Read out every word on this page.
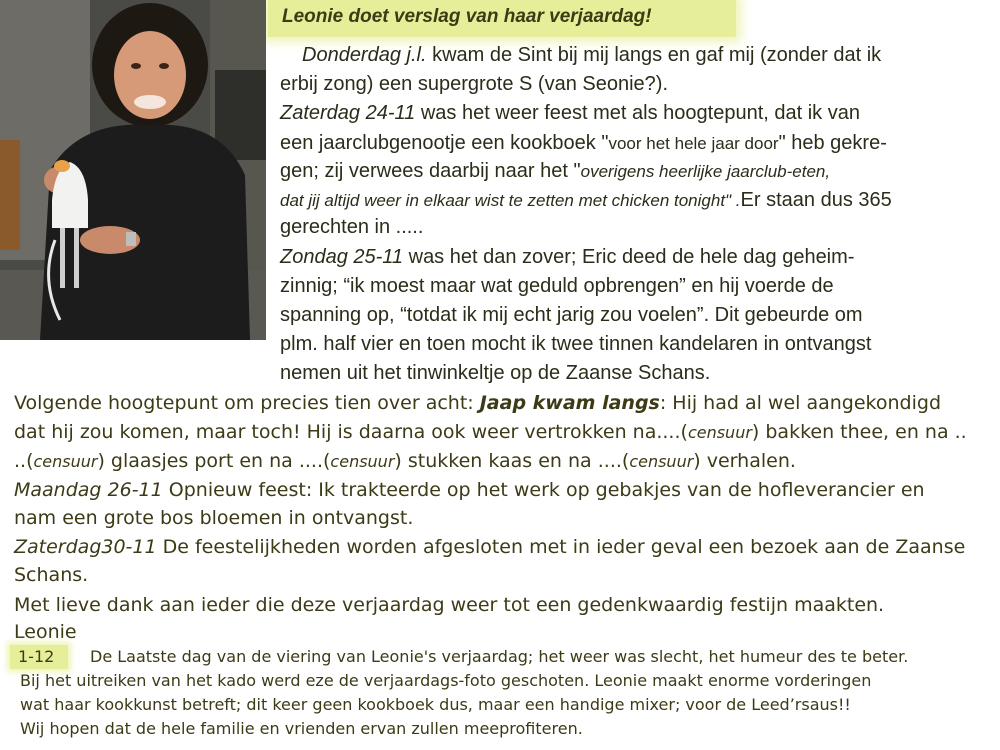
Leonie doet verslag van haar verjaardag!
Donderdag j.l. kwam de Sint bij mij langs en gaf mij (zonder dat ik
erbij zong) een supergrote S (van Seonie?).
Zaterdag 24-11 was het weer feest met als hoogtepunt, dat ik van
een jaarclubgenootje een kookboek "voor het hele jaar door" heb gekre-
gen; zij verwees daarbij naar het "overigens heerlijke jaarclub-eten,
dat jij altijd weer in elkaar wist te zetten met chicken tonight" .Er staan dus 365
gerechten in .....
Zondag 25-11 was het dan zover; Eric deed de hele dag geheim-
zinnig; “ik moest maar wat geduld opbrengen” en hij voerde de
spanning op, “totdat ik mij echt jarig zou voelen”. Dit gebeurde om
plm. half vier en toen mocht ik twee tinnen kandelaren in ontvangst
nemen uit het tinwinkeltje op de Zaanse Schans.
Volgende hoogtepunt om precies tien over acht: Jaap kwam langs: Hij had al wel aangekondigd
dat hij zou komen, maar toch! Hij is daarna ook weer vertrokken na....(censuur) bakken thee, en na ..
..(censuur) glaasjes port en na ....(censuur) stukken kaas en na ....(censuur) verhalen.
Maandag 26-11 Opnieuw feest: Ik trakteerde op het werk op gebakjes van de hofleverancier en
nam een grote bos bloemen in ontvangst.
Zaterdag30-11 De feestelijkheden worden afgesloten met in ieder geval een bezoek aan de Zaanse
Schans.
Met lieve dank aan ieder die deze verjaardag weer tot een gedenkwaardig festijn maakten.
Leonie
1-12 De Laatste dag van de viering van Leonie's verjaardag; het weer was slecht, het humeur des te beter.
Bij het uitreiken van het kado werd eze de verjaardags-foto geschoten. Leonie maakt enorme vorderingen
wat haar kookkunst betreft; dit keer geen kookboek dus, maar een handige mixer; voor de Leed’rsaus!!
Wij hopen dat de hele familie en vrienden ervan zullen meeprofiteren.
